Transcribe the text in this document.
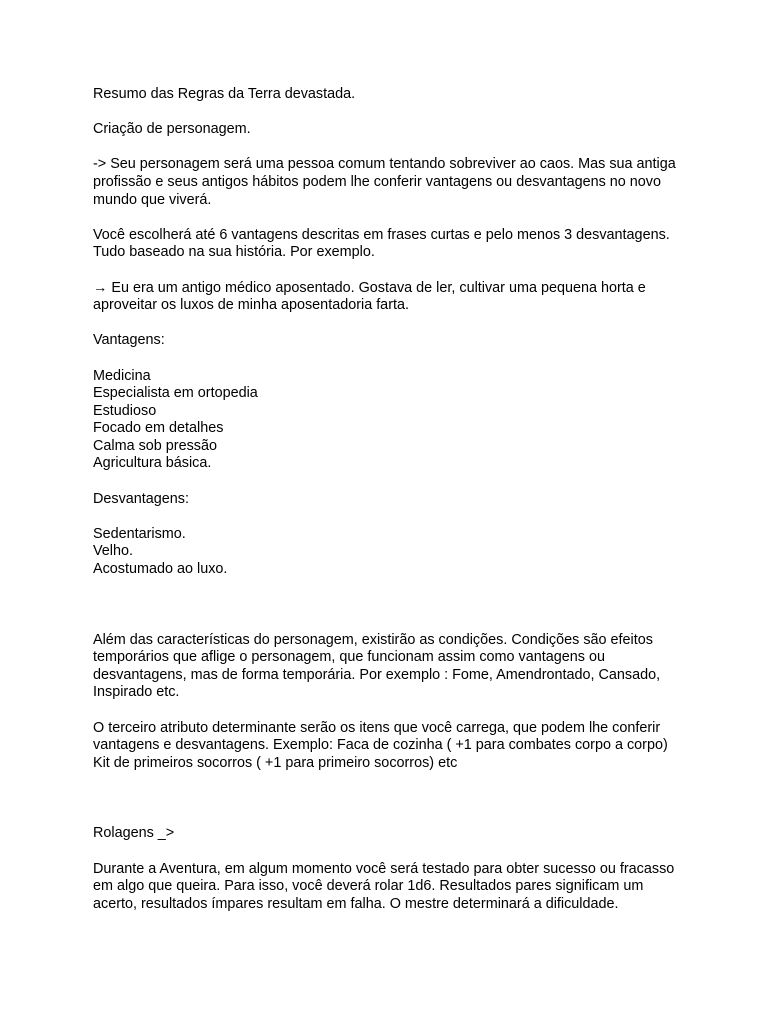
Resumo das Regras da Terra devastada.

Criação de personagem.

-> Seu personagem será uma pessoa comum tentando sobreviver ao caos. Mas sua antiga profissão e seus antigos hábitos podem lhe conferir vantagens ou desvantagens no novo mundo que viverá.

Você escolherá até 6 vantagens descritas em frases curtas e pelo menos 3 desvantagens. Tudo baseado na sua história. Por exemplo.

→ Eu era um antigo médico aposentado. Gostava de ler, cultivar uma pequena horta e aproveitar os luxos de minha aposentadoria farta.

Vantagens:

Medicina
Especialista em ortopedia
Estudioso
Focado em detalhes
Calma sob pressão
Agricultura básica.

Desvantagens:

Sedentarismo.
Velho.
Acostumado ao luxo.

Além das características do personagem, existirão as condições. Condições são efeitos temporários que aflige o personagem, que funcionam assim como vantagens ou desvantagens, mas de forma temporária. Por exemplo : Fome, Amendrontado, Cansado, Inspirado etc.

O terceiro atributo determinante serão os itens que você carrega, que podem lhe conferir vantagens e desvantagens. Exemplo: Faca de cozinha ( +1 para combates corpo a corpo)
Kit de primeiros socorros ( +1 para primeiro socorros) etc

Rolagens _>

Durante a Aventura, em algum momento você será testado para obter sucesso ou fracasso em algo que queira. Para isso, você deverá rolar 1d6. Resultados pares significam um acerto, resultados ímpares resultam em falha. O mestre determinará a dificuldade.
